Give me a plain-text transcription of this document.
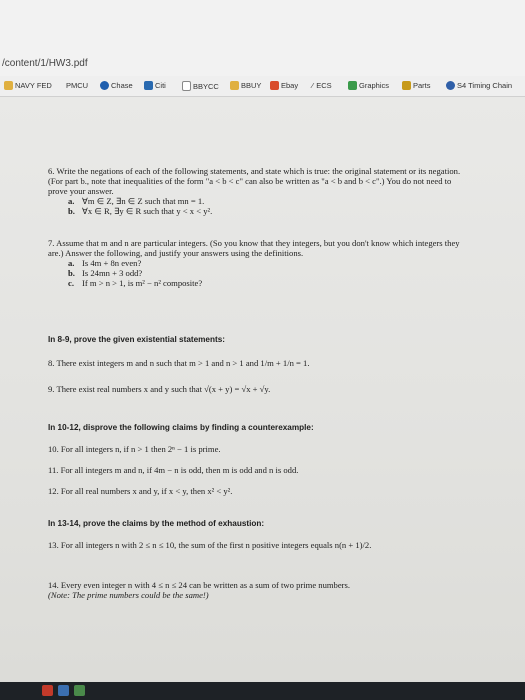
/content/1/HW3.pdf
NAVY FED PMCU	Chase	Citi	BBYCC	BBUY	Ebay ⁄ ECS	Graphics	Parts	S4 Timing Chain

6. Write the negations of each of the following statements, and state which is true: the original statement or its negation. (For part b., note that inequalities of the form "a < b < c" can also be written as "a < b and b < c".) You do not need to prove your answer.

a. ∀m ∈ Z, ∃n ∈ Z such that mn = 1.
b. ∀x ∈ R, ∃y ∈ R such that y < x < y².

7. Assume that m and n are particular integers. (So you know that they integers, but you don't know which integers they are.) Answer the following, and justify your answers using the definitions.

a. Is 4m + 8n even?
b. Is 24mn + 3 odd?
c. If m > n > 1, is m² − n² composite?
In 8-9, prove the given existential statements:
8. There exist integers m and n such that m > 1 and n > 1 and 1/m + 1/n = 1.
9. There exist real numbers x and y such that √(x + y) = √x + √y.
In 10-12, disprove the following claims by finding a counterexample:
10. For all integers n, if n > 1 then 2ⁿ − 1 is prime.
11. For all integers m and n, if 4m − n is odd, then m is odd and n is odd.
12. For all real numbers x and y, if x < y, then x² < y².
In 13-14, prove the claims by the method of exhaustion:
13. For all integers n with 2 ≤ n ≤ 10, the sum of the first n positive integers equals n(n + 1)/2.
14. Every even integer n with 4 ≤ n ≤ 24 can be written as a sum of two prime numbers.
(Note: The prime numbers could be the same!)
